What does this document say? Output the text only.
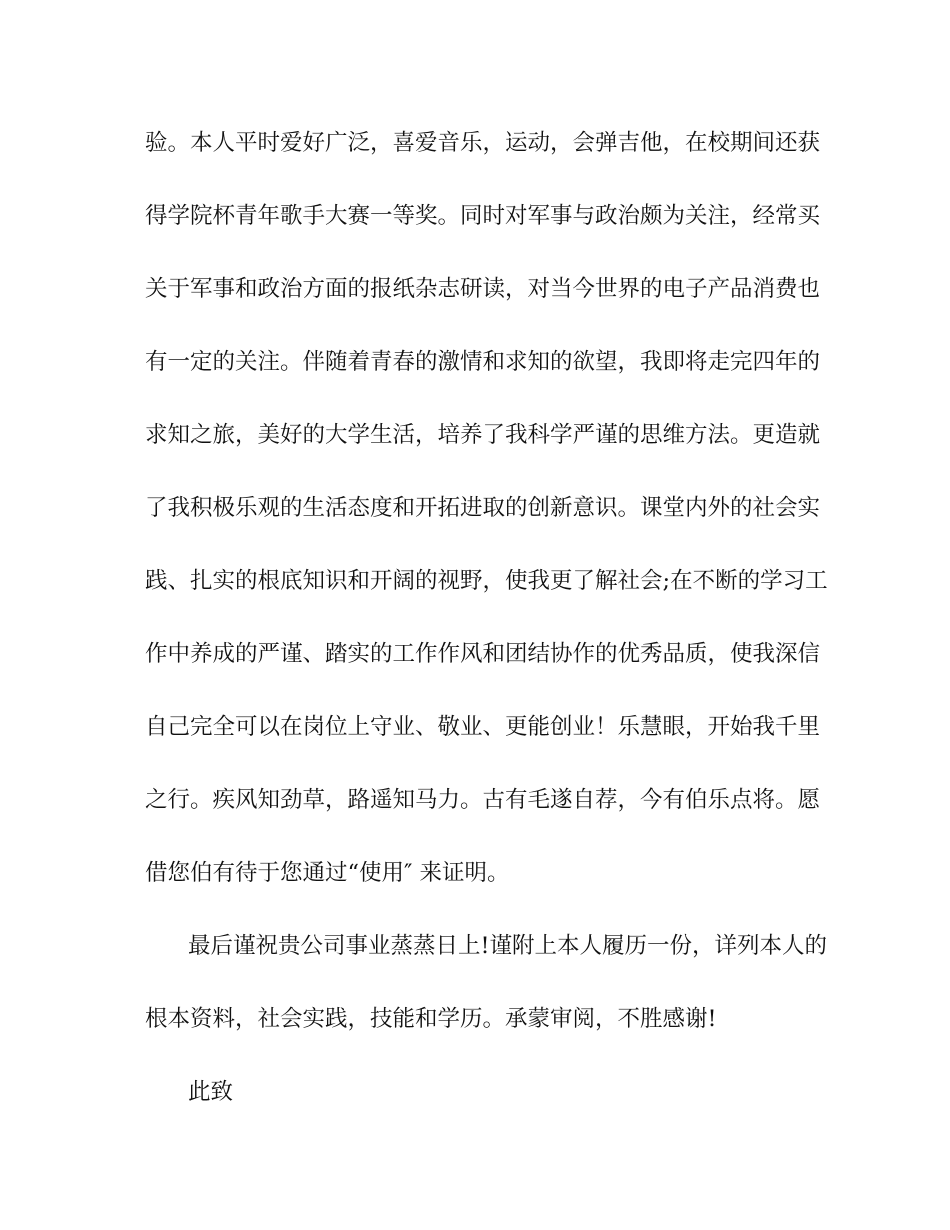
验。本人平时爱好广泛，喜爱音乐，运动，会弹吉他，在校期间还获
得学院杯青年歌手大赛一等奖。同时对军事与政治颇为关注，经常买
关于军事和政治方面的报纸杂志研读，对当今世界的电子产品消费也
有一定的关注。伴随着青春的激情和求知的欲望，我即将走完四年的
求知之旅，美好的大学生活，培养了我科学严谨的思维方法。更造就
了我积极乐观的生活态度和开拓进取的创新意识。课堂内外的社会实
践、扎实的根底知识和开阔的视野，使我更了解社会;在不断的学习工
作中养成的严谨、踏实的工作作风和团结协作的优秀品质，使我深信
自己完全可以在岗位上守业、敬业、更能创业！乐慧眼，开始我千里
之行。疾风知劲草，路遥知马力。古有毛遂自荐，今有伯乐点将。愿
借您伯有待于您通过“使用″ 来证明。
最后谨祝贵公司事业蒸蒸日上!谨附上本人履历一份，详列本人的
根本资料，社会实践，技能和学历。承蒙审阅，不胜感谢!
此致
